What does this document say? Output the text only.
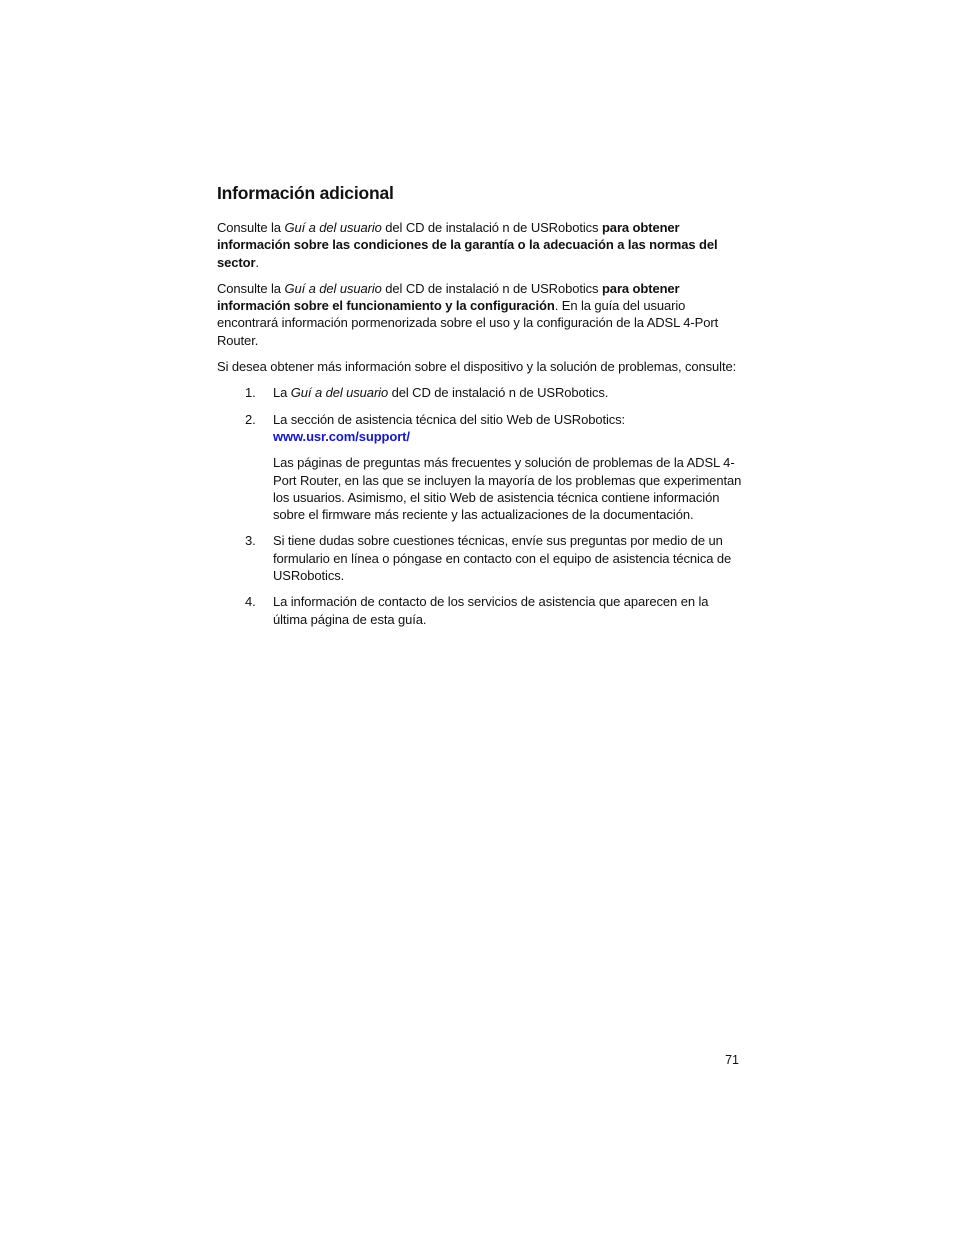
Información adicional

Consulte la Guí a del usuario del CD de instalació n de USRobotics para obtener información sobre las condiciones de la garantía o la adecuación a las normas del sector.

Consulte la Guí a del usuario del CD de instalació n de USRobotics para obtener información sobre el funcionamiento y la configuración. En la guía del usuario encontrará información pormenorizada sobre el uso y la configuración de la ADSL 4-Port Router.

Si desea obtener más información sobre el dispositivo y la solución de problemas, consulte:

1. La Guí a del usuario del CD de instalació n de USRobotics.

2. La sección de asistencia técnica del sitio Web de USRobotics:
www.usr.com/support/

Las páginas de preguntas más frecuentes y solución de problemas de la ADSL 4-Port Router, en las que se incluyen la mayoría de los problemas que experimentan los usuarios. Asimismo, el sitio Web de asistencia técnica contiene información sobre el firmware más reciente y las actualizaciones de la documentación.

3. Si tiene dudas sobre cuestiones técnicas, envíe sus preguntas por medio de un formulario en línea o póngase en contacto con el equipo de asistencia técnica de USRobotics.

4. La información de contacto de los servicios de asistencia que aparecen en la última página de esta guía.

71
